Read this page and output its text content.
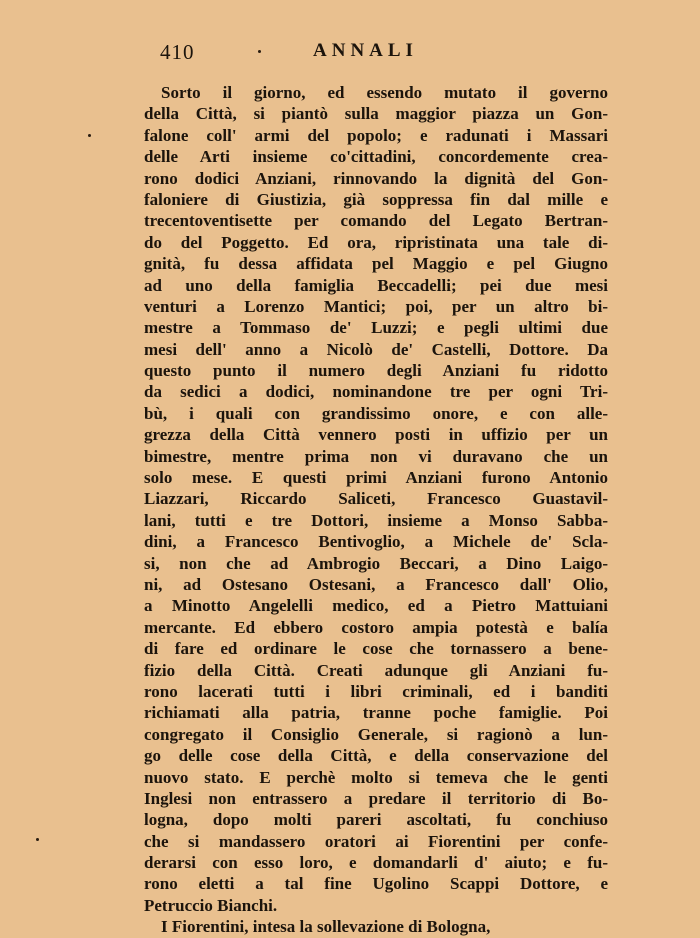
410	ANNALI
Sorto il giorno, ed essendo mutato il governo
della Città, si piantò sulla maggior piazza un Gon-
falone coll' armi del popolo; e radunati i Massari
delle Arti insieme co'cittadini, concordemente crea-
rono dodici Anziani, rinnovando la dignità del Gon-
faloniere di Giustizia, già soppressa fin dal mille e
trecentoventisette per comando del Legato Bertran-
do del Poggetto. Ed ora, ripristinata una tale di-
gnità, fu dessa affidata pel Maggio e pel Giugno
ad uno della famiglia Beccadelli; pei due mesi
venturi a Lorenzo Mantici; poi, per un altro bi-
mestre a Tommaso de' Luzzi; e pegli ultimi due
mesi dell' anno a Nicolò de' Castelli, Dottore. Da
questo punto il numero degli Anziani fu ridotto
da sedici a dodici, nominandone tre per ogni Tri-
bù, i quali con grandissimo onore, e con alle-
grezza della Città vennero posti in uffizio per un
bimestre, mentre prima non vi duravano che un
solo mese. E questi primi Anziani furono Antonio
Liazzari, Riccardo Saliceti, Francesco Guastavil-
lani, tutti e tre Dottori, insieme a Monso Sabba-
dini, a Francesco Bentivoglio, a Michele de' Scla-
si, non che ad Ambrogio Beccari, a Dino Laigo-
ni, ad Ostesano Ostesani, a Francesco dall' Olio,
a Minotto Angelelli medico, ed a Pietro Mattuiani
mercante. Ed ebbero costoro ampia potestà e balía
di fare ed ordinare le cose che tornassero a bene-
fizio della Città. Creati adunque gli Anziani fu-
rono lacerati tutti i libri criminali, ed i banditi
richiamati alla patria, tranne poche famiglie. Poi
congregato il Consiglio Generale, si ragionò a lun-
go delle cose della Città, e della conservazione del
nuovo stato. E perchè molto si temeva che le genti
Inglesi non entrassero a predare il territorio di Bo-
logna, dopo molti pareri ascoltati, fu conchiuso
che si mandassero oratori ai Fiorentini per confe-
derarsi con esso loro, e domandarli d' aiuto; e fu-
rono eletti a tal fine Ugolino Scappi Dottore, e
Petruccio Bianchi.
I Fiorentini, intesa la sollevazione di Bologna,
